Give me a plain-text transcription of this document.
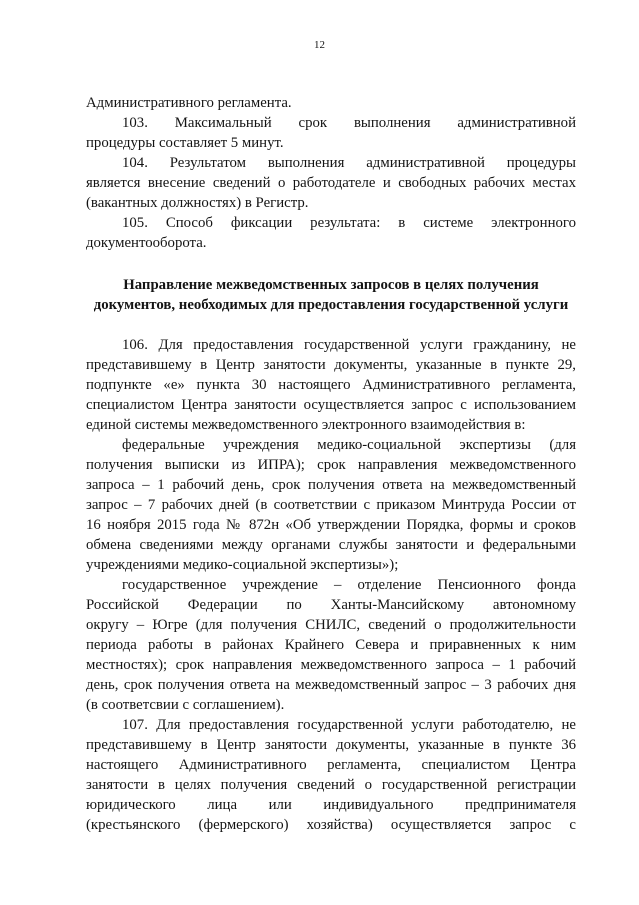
12

Административного регламента.

103. Максимальный срок выполнения административной

процедуры составляет 5 минут.

104. Результатом выполнения административной процедуры

является внесение сведений о работодателе и свободных рабочих местах

(вакантных должностях) в Регистр.

105. Способ фиксации результата: в системе электронного

документооборота.

Направление межведомственных запросов в целях получения

документов, необходимых для предоставления государственной услуги

106. Для предоставления государственной услуги гражданину, не

представившему в Центр занятости документы, указанные в пункте 29,

подпункте «е» пункта 30 настоящего Административного регламента,

специалистом Центра занятости осуществляется запрос с использованием

единой системы межведомственного электронного взаимодействия в:

федеральные учреждения медико-социальной экспертизы (для

получения выписки из ИПРА); срок направления межведомственного

запроса – 1 рабочий день, срок получения ответа на межведомственный

запрос – 7 рабочих дней (в соответствии с приказом Минтруда России от

16 ноября 2015 года № 872н «Об утверждении Порядка, формы и сроков

обмена сведениями между органами службы занятости и федеральными

учреждениями медико-социальной экспертизы»);

государственное учреждение – отделение Пенсионного фонда

Российской Федерации по Ханты-Мансийскому автономному

округу – Югре (для получения СНИЛС, сведений о продолжительности

периода работы в районах Крайнего Севера и приравненных к ним

местностях); срок направления межведомственного запроса – 1 рабочий

день, срок получения ответа на межведомственный запрос – 3 рабочих дня

(в соответсвии с соглашением).

107. Для предоставления государственной услуги работодателю, не

представившему в Центр занятости документы, указанные в пункте 36

настоящего Административного регламента, специалистом Центра

занятости в целях получения сведений о государственной регистрации

юридического лица или индивидуального предпринимателя

(крестьянского (фермерского) хозяйства) осуществляется запрос с
